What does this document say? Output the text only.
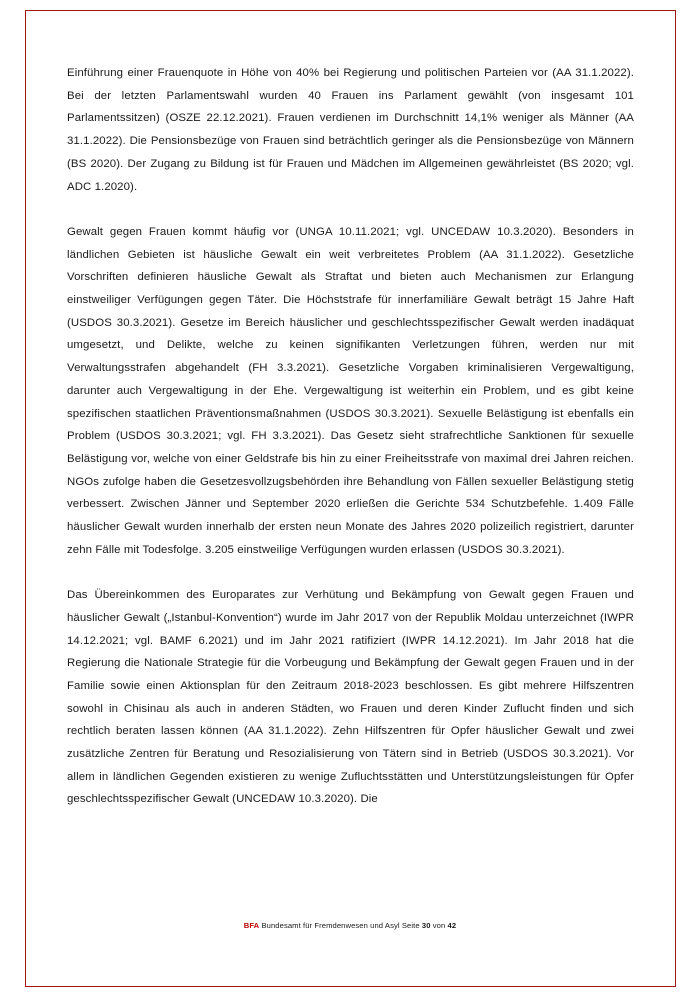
Einführung einer Frauenquote in Höhe von 40% bei Regierung und politischen Parteien vor (AA 31.1.2022). Bei der letzten Parlamentswahl wurden 40 Frauen ins Parlament gewählt (von insgesamt 101 Parlamentssitzen) (OSZE 22.12.2021). Frauen verdienen im Durchschnitt 14,1% weniger als Männer (AA 31.1.2022). Die Pensionsbezüge von Frauen sind beträchtlich geringer als die Pensionsbezüge von Männern (BS 2020). Der Zugang zu Bildung ist für Frauen und Mädchen im Allgemeinen gewährleistet (BS 2020; vgl. ADC 1.2020).

Gewalt gegen Frauen kommt häufig vor (UNGA 10.11.2021; vgl. UNCEDAW 10.3.2020). Besonders in ländlichen Gebieten ist häusliche Gewalt ein weit verbreitetes Problem (AA 31.1.2022). Gesetzliche Vorschriften definieren häusliche Gewalt als Straftat und bieten auch Mechanismen zur Erlangung einstweiliger Verfügungen gegen Täter. Die Höchststrafe für innerfamiliäre Gewalt beträgt 15 Jahre Haft (USDOS 30.3.2021). Gesetze im Bereich häuslicher und geschlechtsspezifischer Gewalt werden inadäquat umgesetzt, und Delikte, welche zu keinen signifikanten Verletzungen führen, werden nur mit Verwaltungsstrafen abgehandelt (FH 3.3.2021). Gesetzliche Vorgaben kriminalisieren Vergewaltigung, darunter auch Vergewaltigung in der Ehe. Vergewaltigung ist weiterhin ein Problem, und es gibt keine spezifischen staatlichen Präventionsmaßnahmen (USDOS 30.3.2021). Sexuelle Belästigung ist ebenfalls ein Problem (USDOS 30.3.2021; vgl. FH 3.3.2021). Das Gesetz sieht strafrechtliche Sanktionen für sexuelle Belästigung vor, welche von einer Geldstrafe bis hin zu einer Freiheitsstrafe von maximal drei Jahren reichen. NGOs zufolge haben die Gesetzesvollzugsbehörden ihre Behandlung von Fällen sexueller Belästigung stetig verbessert. Zwischen Jänner und September 2020 erließen die Gerichte 534 Schutzbefehle. 1.409 Fälle häuslicher Gewalt wurden innerhalb der ersten neun Monate des Jahres 2020 polizeilich registriert, darunter zehn Fälle mit Todesfolge. 3.205 einstweilige Verfügungen wurden erlassen (USDOS 30.3.2021).

Das Übereinkommen des Europarates zur Verhütung und Bekämpfung von Gewalt gegen Frauen und häuslicher Gewalt („Istanbul-Konvention“) wurde im Jahr 2017 von der Republik Moldau unterzeichnet (IWPR 14.12.2021; vgl. BAMF 6.2021) und im Jahr 2021 ratifiziert (IWPR 14.12.2021). Im Jahr 2018 hat die Regierung die Nationale Strategie für die Vorbeugung und Bekämpfung der Gewalt gegen Frauen und in der Familie sowie einen Aktionsplan für den Zeitraum 2018-2023 beschlossen. Es gibt mehrere Hilfszentren sowohl in Chisinau als auch in anderen Städten, wo Frauen und deren Kinder Zuflucht finden und sich rechtlich beraten lassen können (AA 31.1.2022). Zehn Hilfszentren für Opfer häuslicher Gewalt und zwei zusätzliche Zentren für Beratung und Resozialisierung von Tätern sind in Betrieb (USDOS 30.3.2021). Vor allem in ländlichen Gegenden existieren zu wenige Zufluchtsstätten und Unterstützungsleistungen für Opfer geschlechtsspezifischer Gewalt (UNCEDAW 10.3.2020). Die

BFA Bundesamt für Fremdenwesen und Asyl Seite 30 von 42
